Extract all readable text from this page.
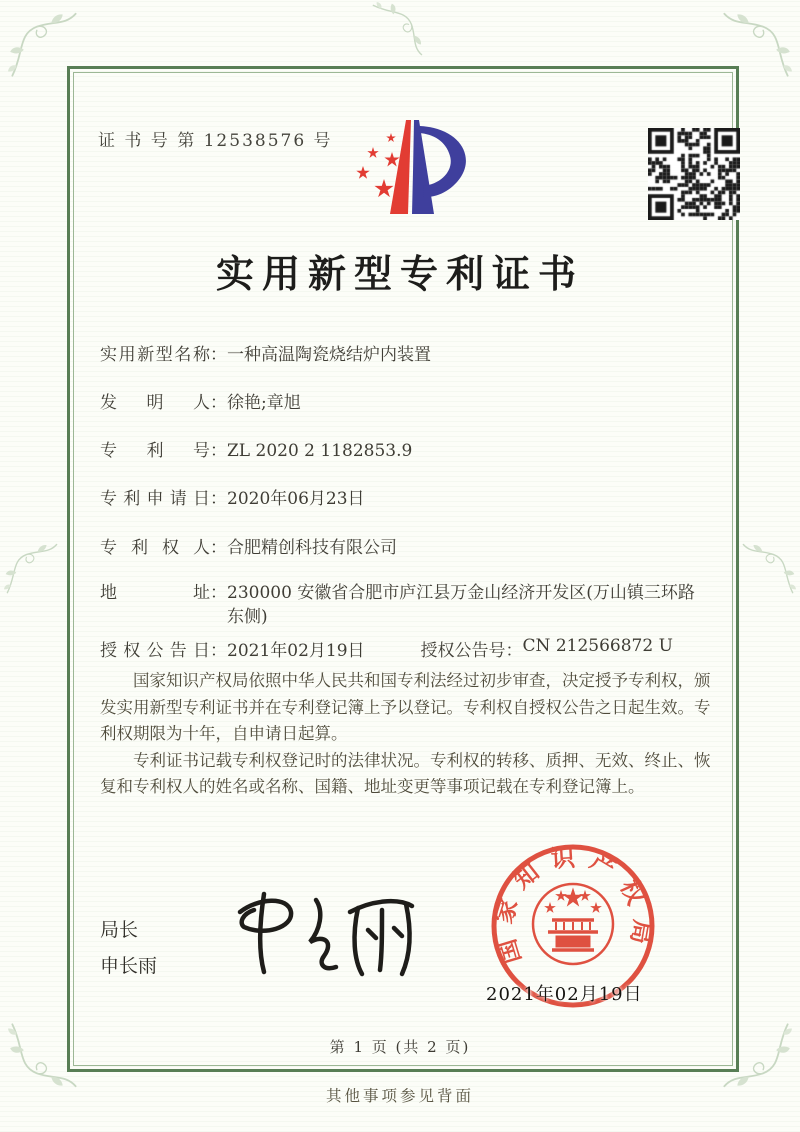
证 书 号 第 12538576 号
实用新型专利证书
实用新型名称 ： 一种高温陶瓷烧结炉内装置
发明人 ： 徐艳;章旭
专利号 ： ZL 2020 2 1182853.9
专利申请日 ： 2020年06月23日
专利权人 ： 合肥精创科技有限公司
地址 ： 230000 安徽省合肥市庐江县万金山经济开发区(万山镇三环路东侧)
授权公告日 ： 2021年02月19日	授权公告号 ： CN 212566872 U

国家知识产权局依照中华人民共和国专利法经过初步审查，决定授予专利权，颁发实用新型专利证书并在专利登记簿上予以登记。专利权自授权公告之日起生效。专利权期限为十年，自申请日起算。

专利证书记载专利权登记时的法律状况。专利权的转移、质押、无效、终止、恢复和专利权人的姓名或名称、国籍、地址变更等事项记载在专利登记簿上。

局长
申长雨	国家知识产权局
2021年02月19日
第 1 页 (共 2 页)
其他事项参见背面
